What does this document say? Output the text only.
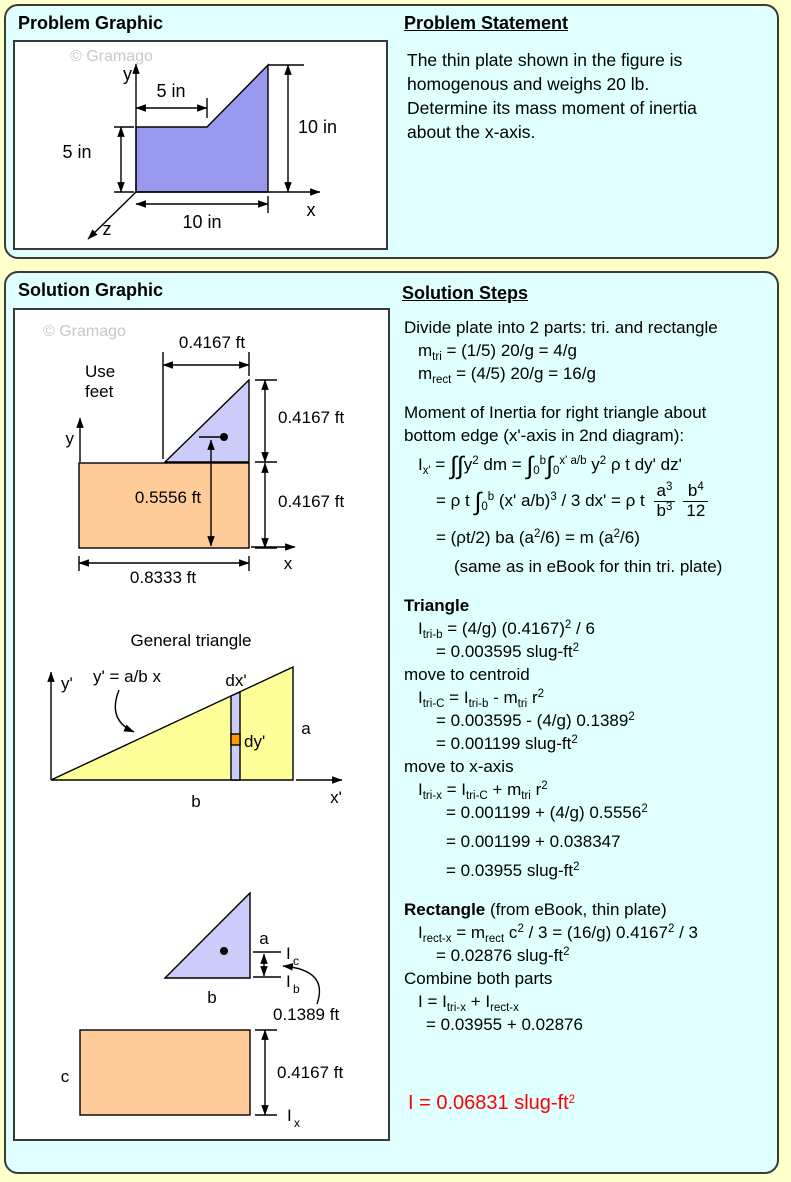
Problem Graphic
© Gramago
y
x
z
5 in
5 in
10 in
10 in
Problem Statement
The thin plate shown in the figure is
homogenous and weighs 20 lb.
Determine its mass moment of inertia
about the x-axis.
Solution Graphic
© Gramago
Use
feet
0.4167 ft
0.4167 ft
0.4167 ft
0.5556 ft
0.8333 ft
y
x
General triangle
y' = a/b x
y'
x'
dx'
dy'
a
b
a
b
I c
I b
0.1389 ft
c	0.4167 ft
I x
Solution Steps
Divide plate into 2 parts: tri. and rectangle
$m_{tri} = (1/5) 20/g = 4/g$
$m_{rect} = (4/5) 20/g = 16/g$
Moment of Inertia for right triangle about
bottom edge (x'-axis in 2nd diagram):
$I_{x'} = \int\int y^2$ dm = $\int_0^b\int_0^{x' a/b}$ $y^2$ ρ t dy' dz'
= ρ t $\int_0^b$ (x' a/b)$^3$ / 3 dx' = ρ t $\frac{a^3}{b^3} \frac{b^4}{12}$
= (ρt/2) ba $(a^2/6) = m$ $(a^2/6)$
(same as in eBook for thin tri. plate)
Triangle
$I_{tri-b} = (4/g)$ $(0.4167)^2 / 6$
= 0.003595 slug-$ft^2$
move to centroid
$I_{tri-C} = I_{tri-b} - m_{tri}$ $r^2$
= 0.003595 - (4/g) $0.1389^2$
= 0.001199 slug-$ft^2$
move to x-axis
$I_{tri-x} = I_{tri-C} + m_{tri}$ $r^2$
= 0.001199 + (4/g) $0.5556^2$
= 0.001199 + 0.038347
= 0.03955 slug-$ft^2$
Rectangle (from eBook, thin plate)
$I_{rect-x} = m_{rect}$ $c^2 / 3 = (16/g)$ 0.4167$^2$ / 3
= 0.02876 slug-$ft^2$
Combine both parts
$I = I_{tri-x} + I_{rect-x}$
= 0.03955 + 0.02876
I = 0.06831 slug-$ft^2$
